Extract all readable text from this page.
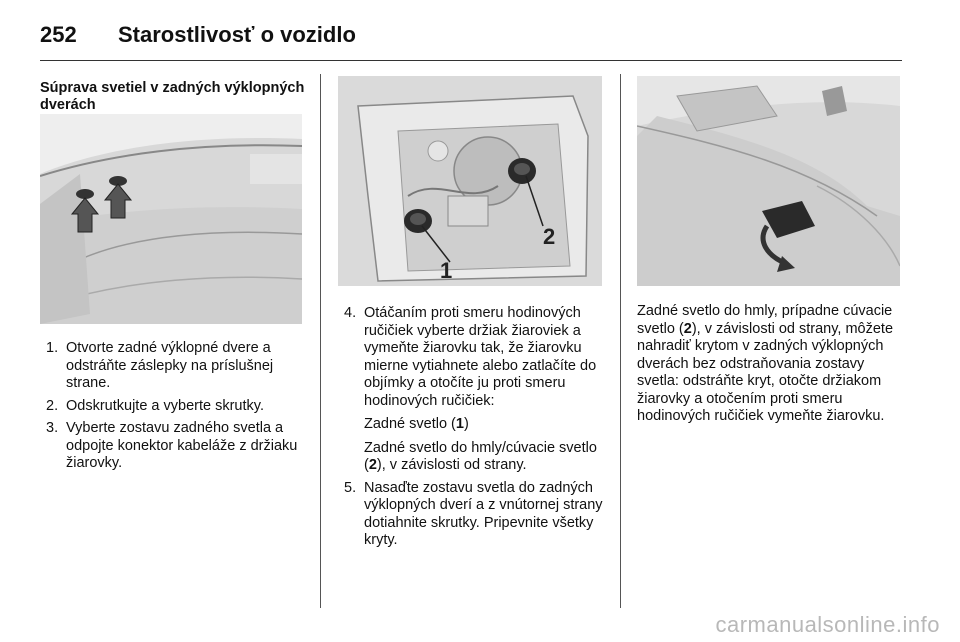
252 Starostlivosť o vozidlo
Súprava svetiel v zadných výklopných dverách
1. Otvorte zadné výklopné dvere a odstráňte záslepky na príslušnej strane.
2. Odskrutkujte a vyberte skrutky.
3. Vyberte zostavu zadného svetla a odpojte konektor kabeláže z držiaku žiarovky.
1
2
4. Otáčaním proti smeru hodinových ručičiek vyberte držiak žiaroviek a vymeňte žiarovku tak, že žiarovku mierne vytiahnete alebo zatlačíte do objímky a otočíte ju proti smeru hodinových ručičiek:

Zadné svetlo (1)

Zadné svetlo do hmly/cúvacie svetlo (2), v závislosti od strany.

5. Nasaďte zostavu svetla do zadných výklopných dverí a z vnútornej strany dotiahnite skrutky. Pripevnite všetky kryty.

Zadné svetlo do hmly, prípadne cúvacie svetlo (2), v závislosti od strany, môžete nahradiť krytom v zadných výklopných dverách bez odstraňovania zostavy svetla: odstráňte kryt, otočte držiakom žiarovky a otočením proti smeru hodinových ručičiek vymeňte žiarovku.

carmanualsonline.info
